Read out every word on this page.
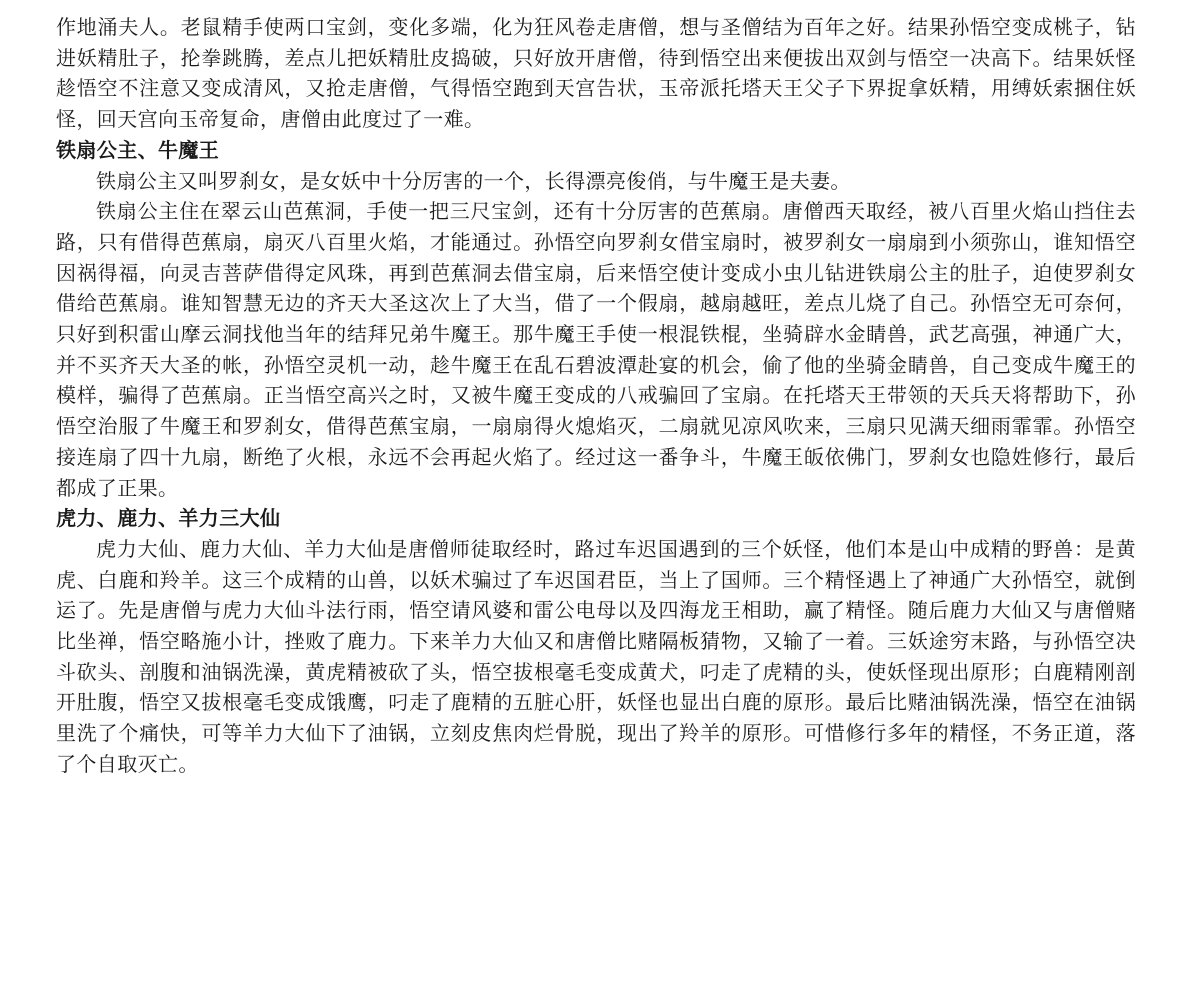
作地涌夫人。老鼠精手使两口宝剑，变化多端，化为狂风卷走唐僧，想与圣僧结为百年之好。结果孙悟空变成桃子，钻进妖精肚子，抡拳跳腾，差点儿把妖精肚皮捣破，只好放开唐僧，待到悟空出来便拔出双剑与悟空一决高下。结果妖怪趁悟空不注意又变成清风，又抢走唐僧，气得悟空跑到天宫告状，玉帝派托塔天王父子下界捉拿妖精，用缚妖索捆住妖怪，回天宫向玉帝复命，唐僧由此度过了一难。

铁扇公主、牛魔王

铁扇公主又叫罗刹女，是女妖中十分厉害的一个，长得漂亮俊俏，与牛魔王是夫妻。

铁扇公主住在翠云山芭蕉洞，手使一把三尺宝剑，还有十分厉害的芭蕉扇。唐僧西天取经，被八百里火焰山挡住去路，只有借得芭蕉扇，扇灭八百里火焰，才能通过。孙悟空向罗刹女借宝扇时，被罗刹女一扇扇到小须弥山，谁知悟空因祸得福，向灵吉菩萨借得定风珠，再到芭蕉洞去借宝扇，后来悟空使计变成小虫儿钻进铁扇公主的肚子，迫使罗刹女借给芭蕉扇。谁知智慧无边的齐天大圣这次上了大当，借了一个假扇，越扇越旺，差点儿烧了自己。孙悟空无可奈何，只好到积雷山摩云洞找他当年的结拜兄弟牛魔王。那牛魔王手使一根混铁棍，坐骑辟水金睛兽，武艺高强，神通广大，并不买齐天大圣的帐，孙悟空灵机一动，趁牛魔王在乱石碧波潭赴宴的机会，偷了他的坐骑金睛兽，自己变成牛魔王的模样，骗得了芭蕉扇。正当悟空高兴之时，又被牛魔王变成的八戒骗回了宝扇。在托塔天王带领的天兵天将帮助下，孙悟空治服了牛魔王和罗刹女，借得芭蕉宝扇，一扇扇得火熄焰灭，二扇就见凉风吹来，三扇只见满天细雨霏霏。孙悟空接连扇了四十九扇，断绝了火根，永远不会再起火焰了。经过这一番争斗，牛魔王皈依佛门，罗刹女也隐姓修行，最后都成了正果。

虎力、鹿力、羊力三大仙

虎力大仙、鹿力大仙、羊力大仙是唐僧师徒取经时，路过车迟国遇到的三个妖怪，他们本是山中成精的野兽：是黄虎、白鹿和羚羊。这三个成精的山兽，以妖术骗过了车迟国君臣，当上了国师。三个精怪遇上了神通广大孙悟空，就倒运了。先是唐僧与虎力大仙斗法行雨，悟空请风婆和雷公电母以及四海龙王相助，赢了精怪。随后鹿力大仙又与唐僧赌比坐禅，悟空略施小计，挫败了鹿力。下来羊力大仙又和唐僧比赌隔板猜物，又输了一着。三妖途穷末路，与孙悟空决斗砍头、剖腹和油锅洗澡，黄虎精被砍了头，悟空拔根毫毛变成黄犬，叼走了虎精的头，使妖怪现出原形；白鹿精刚剖开肚腹，悟空又拔根毫毛变成饿鹰，叼走了鹿精的五脏心肝，妖怪也显出白鹿的原形。最后比赌油锅洗澡，悟空在油锅里洗了个痛快，可等羊力大仙下了油锅，立刻皮焦肉烂骨脱，现出了羚羊的原形。可惜修行多年的精怪，不务正道，落了个自取灭亡。
